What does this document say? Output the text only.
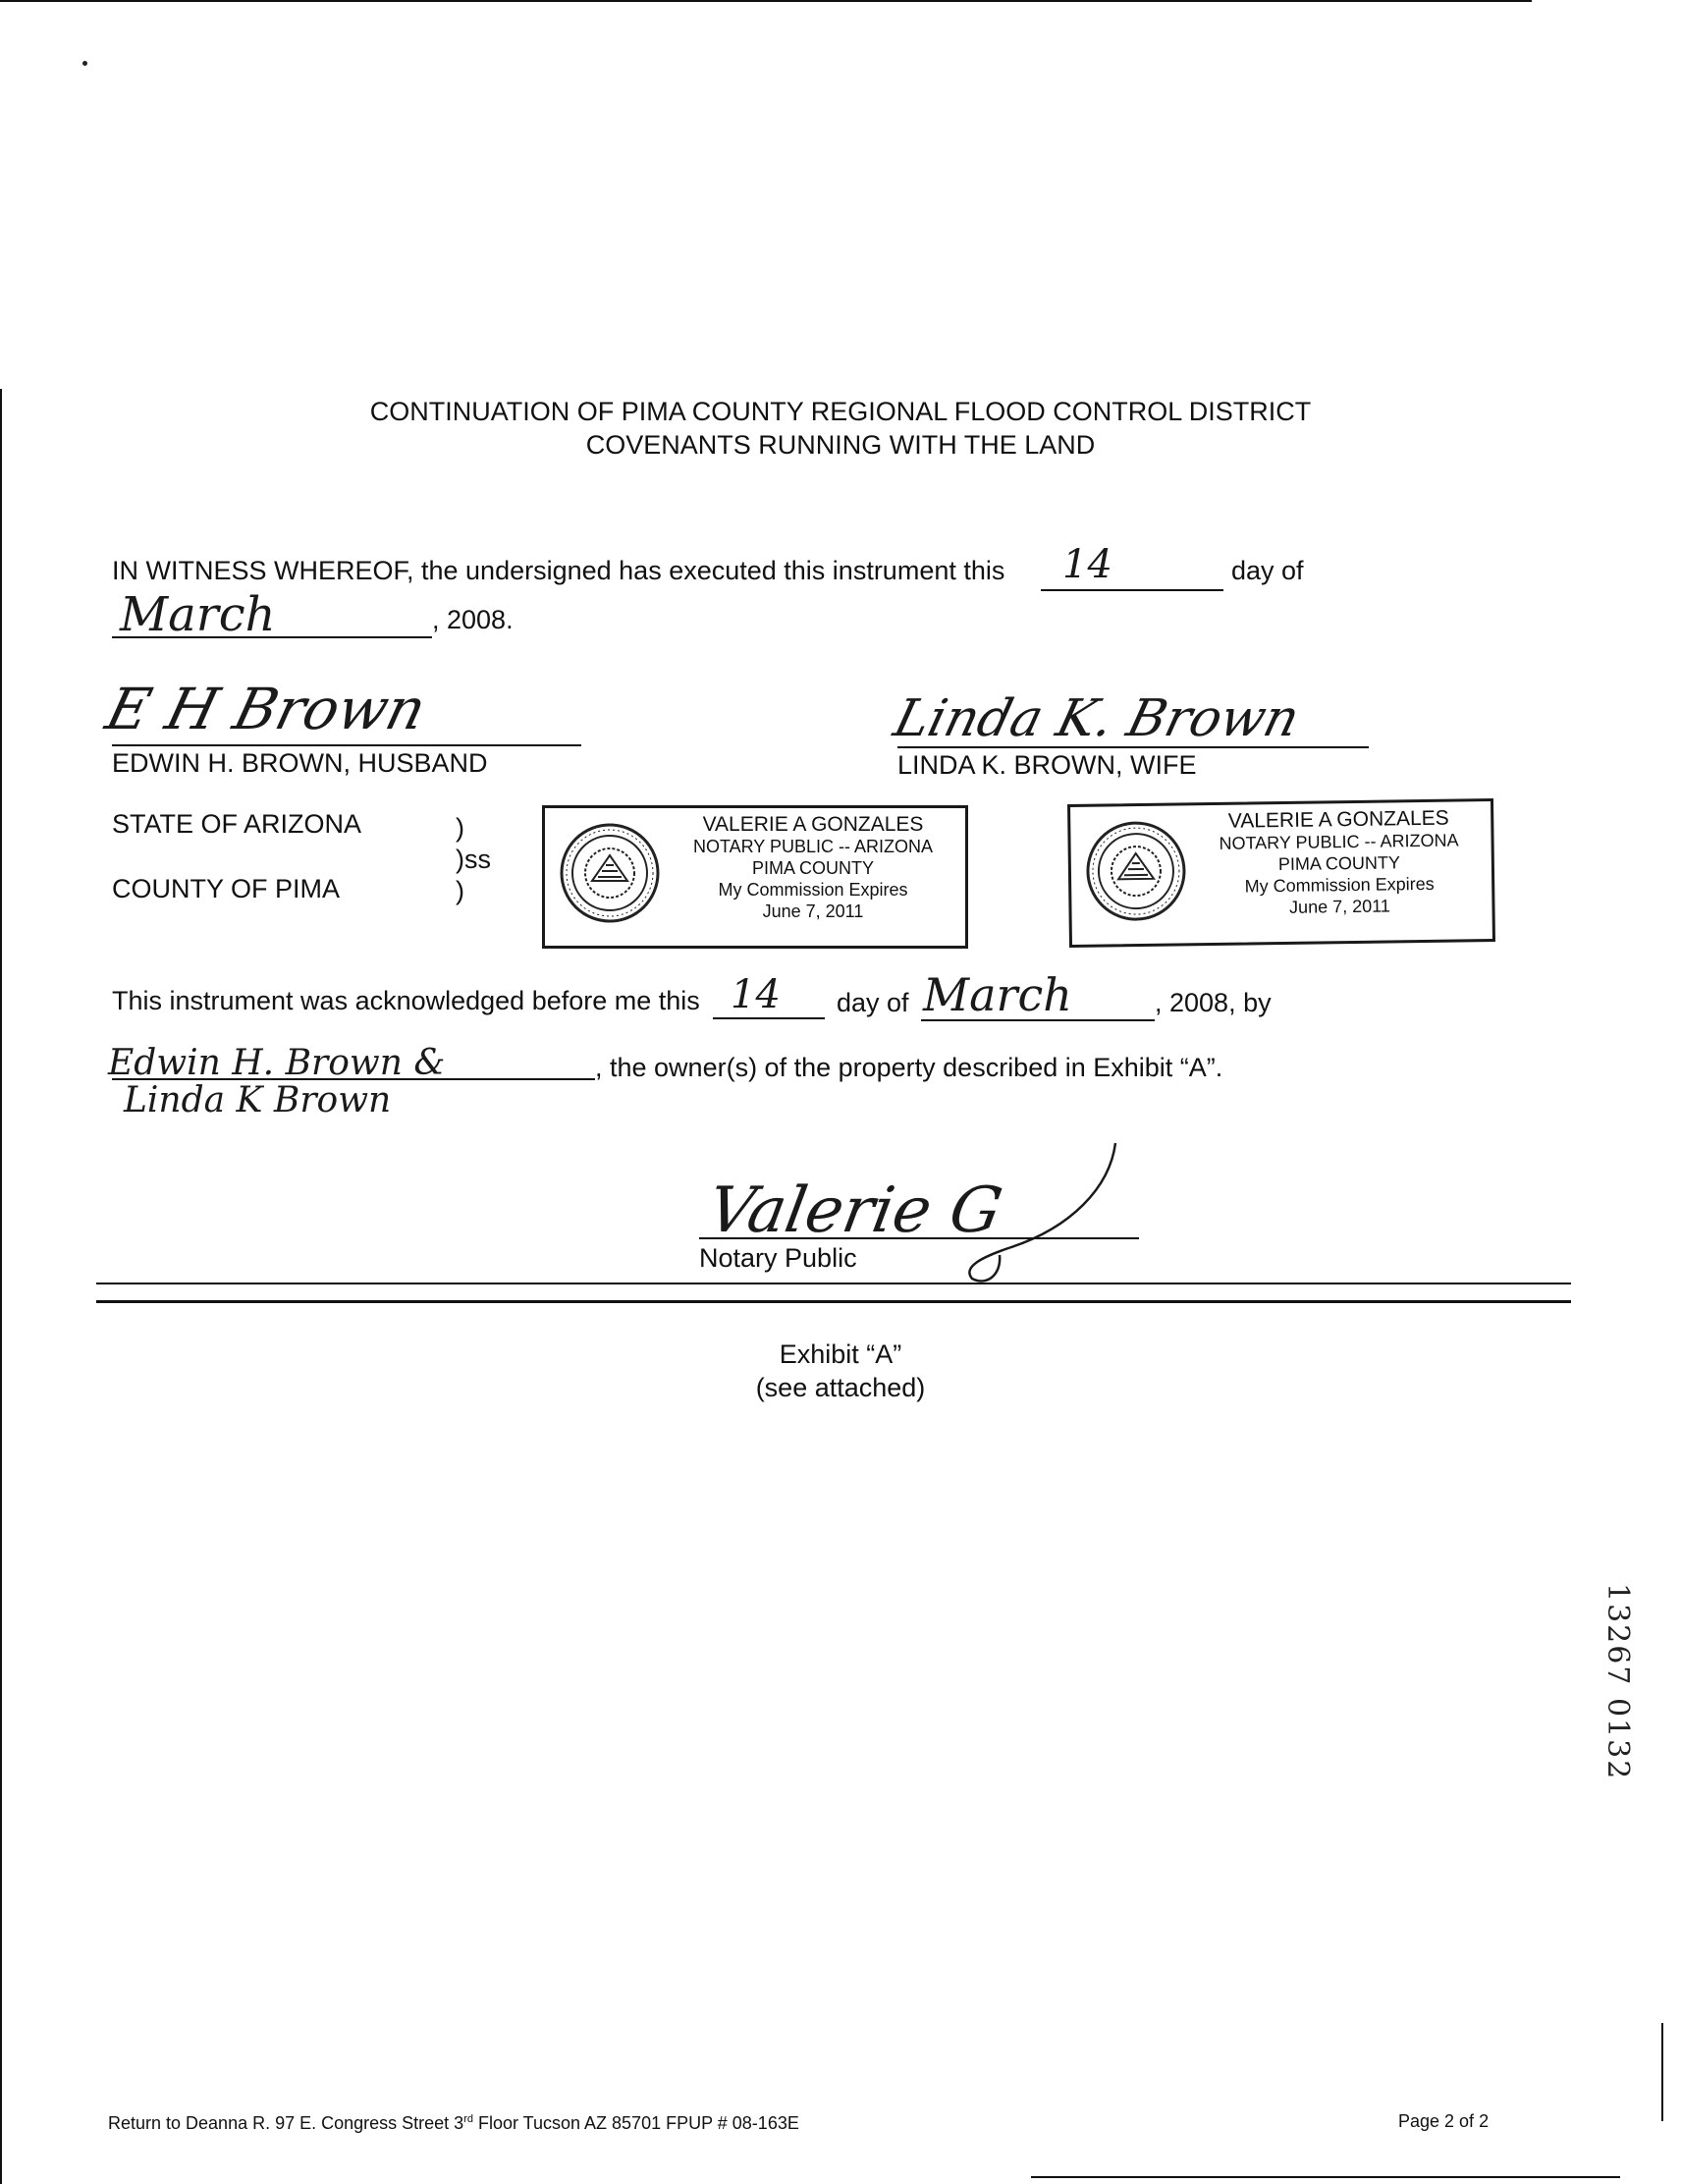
CONTINUATION OF PIMA COUNTY REGIONAL FLOOD CONTROL DISTRICT
COVENANTS RUNNING WITH THE LAND
IN WITNESS WHEREOF, the undersigned has executed this instrument this 14	day of
March	, 2008.
E H Brown
EDWIN H. BROWN, HUSBAND
Linda K. Brown
LINDA K. BROWN, WIFE
STATE OF ARIZONA
COUNTY OF PIMA
)
)ss
)
VALERIE A GONZALES
NOTARY PUBLIC -- ARIZONA
PIMA COUNTY
My Commission Expires
June 7, 2011
VALERIE A GONZALES
NOTARY PUBLIC -- ARIZONA
PIMA COUNTY
My Commission Expires
June 7, 2011
This instrument was acknowledged before me this 14 day of March	, 2008, by
Edwin H. Brown &	, the owner(s) of the property described in Exhibit “A”.
Linda K Brown
Valerie G
Notary Public
Exhibit “A”
(see attached)
13267 0132
Return to Deanna R. 97 E. Congress Street 3rd Floor Tucson AZ 85701 FPUP # 08-163E	Page 2 of 2
